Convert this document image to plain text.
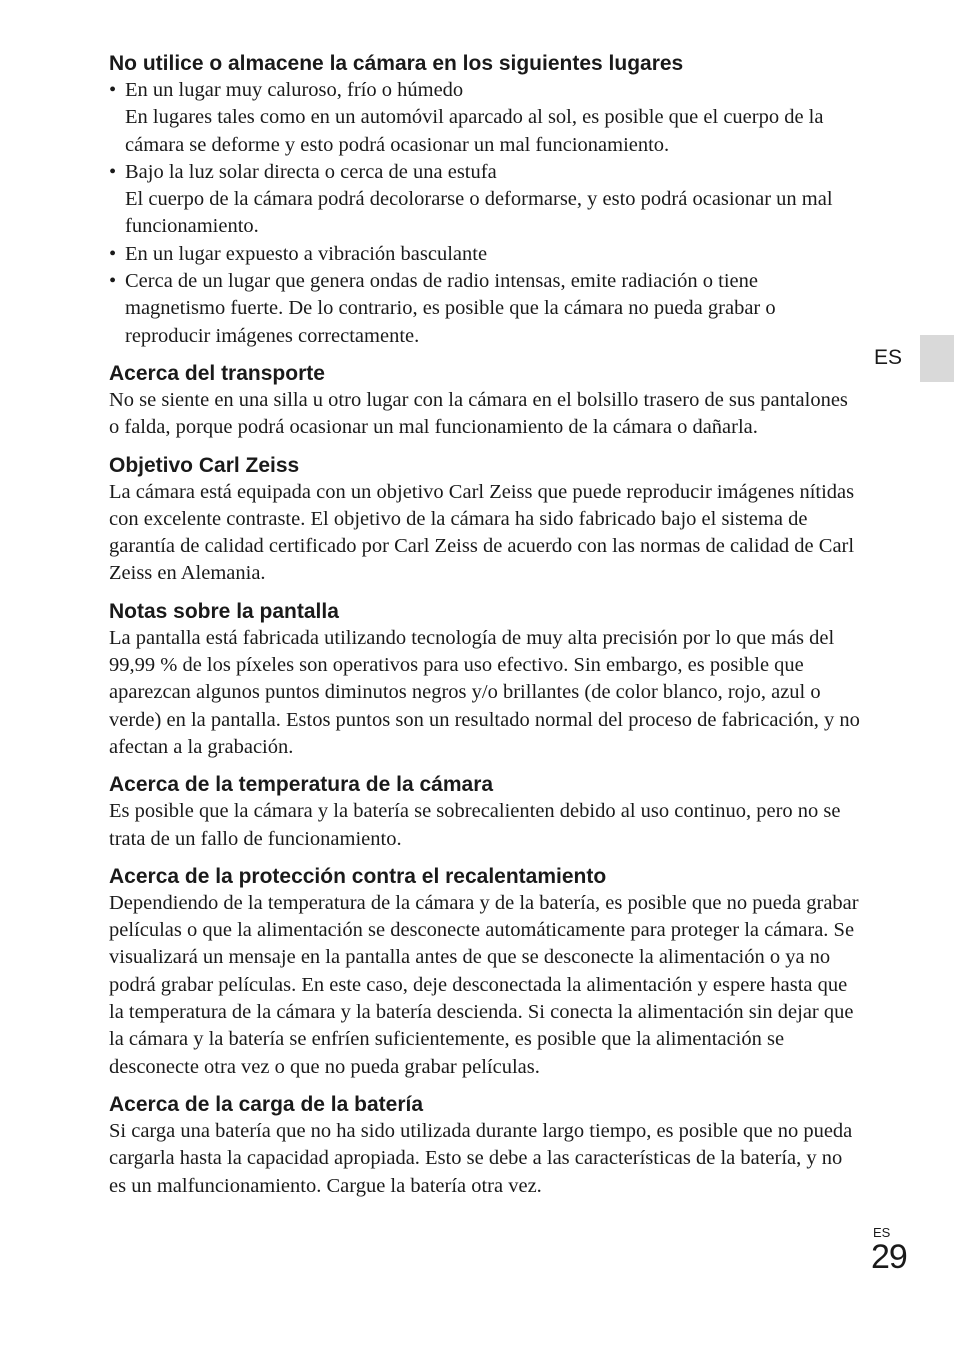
No utilice o almacene la cámara en los siguientes lugares
• En un lugar muy caluroso, frío o húmedo
En lugares tales como en un automóvil aparcado al sol, es posible que el cuerpo de la cámara se deforme y esto podrá ocasionar un mal funcionamiento.
• Bajo la luz solar directa o cerca de una estufa
El cuerpo de la cámara podrá decolorarse o deformarse, y esto podrá ocasionar un mal funcionamiento.
• En un lugar expuesto a vibración basculante
• Cerca de un lugar que genera ondas de radio intensas, emite radiación o tiene magnetismo fuerte. De lo contrario, es posible que la cámara no pueda grabar o reproducir imágenes correctamente.
Acerca del transporte

No se siente en una silla u otro lugar con la cámara en el bolsillo trasero de sus pantalones o falda, porque podrá ocasionar un mal funcionamiento de la cámara o dañarla.

Objetivo Carl Zeiss

La cámara está equipada con un objetivo Carl Zeiss que puede reproducir imágenes nítidas con excelente contraste. El objetivo de la cámara ha sido fabricado bajo el sistema de garantía de calidad certificado por Carl Zeiss de acuerdo con las normas de calidad de Carl Zeiss en Alemania.

Notas sobre la pantalla

La pantalla está fabricada utilizando tecnología de muy alta precisión por lo que más del 99,99 % de los píxeles son operativos para uso efectivo. Sin embargo, es posible que aparezcan algunos puntos diminutos negros y/o brillantes (de color blanco, rojo, azul o verde) en la pantalla. Estos puntos son un resultado normal del proceso de fabricación, y no afectan a la grabación.

Acerca de la temperatura de la cámara

Es posible que la cámara y la batería se sobrecalienten debido al uso continuo, pero no se trata de un fallo de funcionamiento.

Acerca de la protección contra el recalentamiento

Dependiendo de la temperatura de la cámara y de la batería, es posible que no pueda grabar películas o que la alimentación se desconecte automáticamente para proteger la cámara. Se visualizará un mensaje en la pantalla antes de que se desconecte la alimentación o ya no podrá grabar películas. En este caso, deje desconectada la alimentación y espere hasta que la temperatura de la cámara y la batería descienda. Si conecta la alimentación sin dejar que la cámara y la batería se enfríen suficientemente, es posible que la alimentación se desconecte otra vez o que no pueda grabar películas.

Acerca de la carga de la batería

Si carga una batería que no ha sido utilizada durante largo tiempo, es posible que no pueda cargarla hasta la capacidad apropiada. Esto se debe a las características de la batería, y no es un malfuncionamiento. Cargue la batería otra vez.

ES
ES
29
